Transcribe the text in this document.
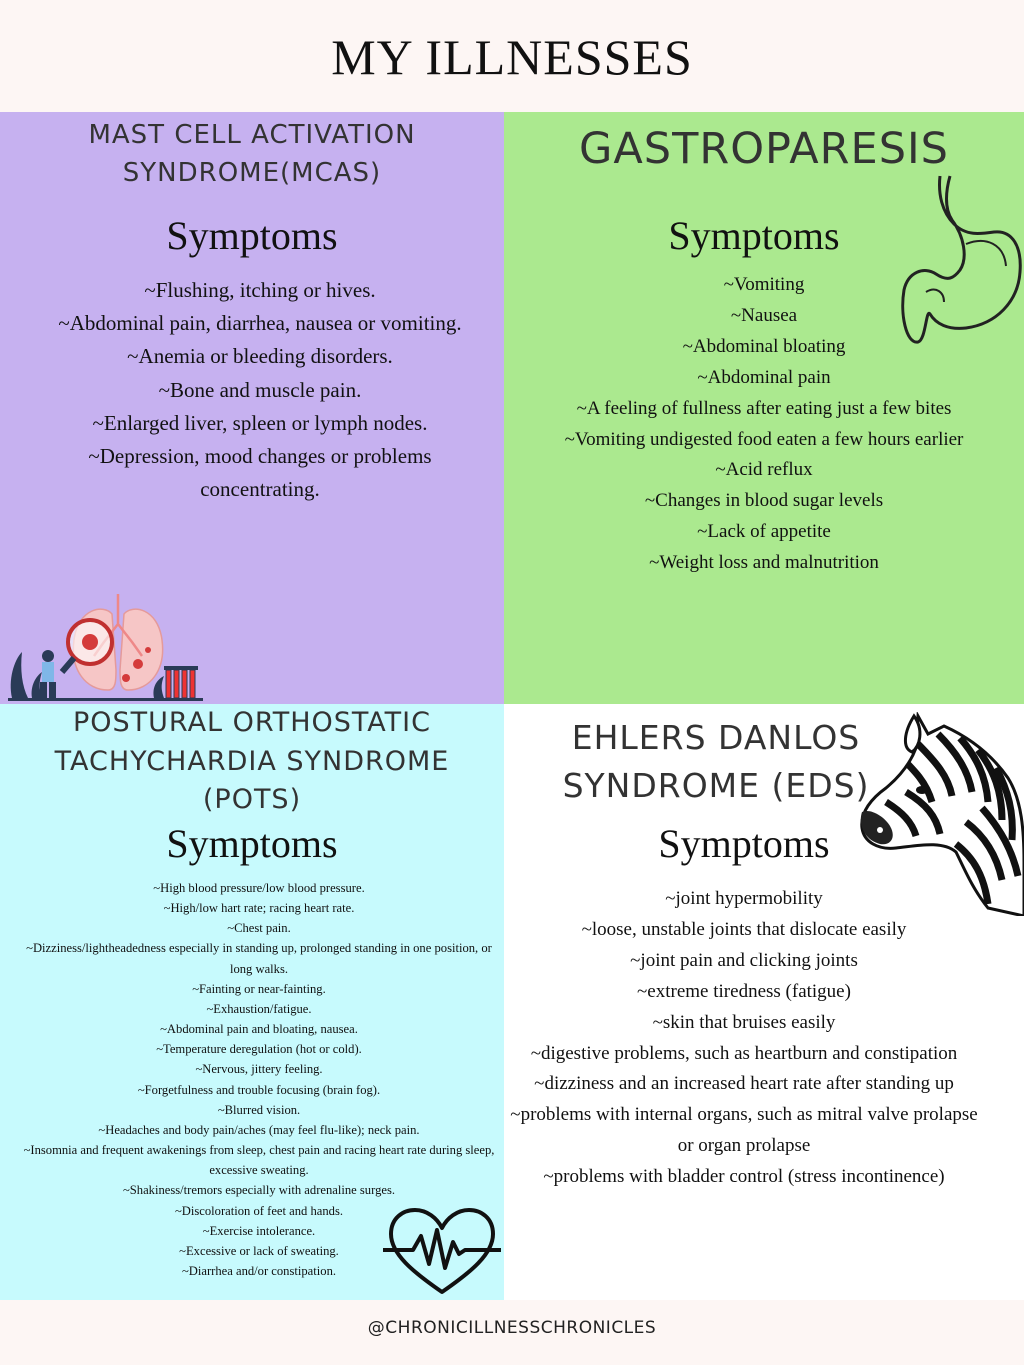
MY ILLNESSES
MAST CELL ACTIVATION
SYNDROME(MCAS)
Symptoms
~Flushing, itching or hives.
~Abdominal pain, diarrhea, nausea or vomiting.
~Anemia or bleeding disorders.
~Bone and muscle pain.
~Enlarged liver, spleen or lymph nodes.
~Depression, mood changes or problems concentrating.
GASTROPARESIS
Symptoms
~Vomiting
~Nausea
~Abdominal bloating
~Abdominal pain
~A feeling of fullness after eating just a few bites
~Vomiting undigested food eaten a few hours earlier
~Acid reflux
~Changes in blood sugar levels
~Lack of appetite
~Weight loss and malnutrition
POSTURAL ORTHOSTATIC
TACHYCHARDIA SYNDROME
(POTS)
Symptoms
~High blood pressure/low blood pressure.
~High/low hart rate; racing heart rate.
~Chest pain.
~Dizziness/lightheadedness especially in standing up, prolonged standing in one position, or long walks.
~Fainting or near-fainting.
~Exhaustion/fatigue.
~Abdominal pain and bloating, nausea.
~Temperature deregulation (hot or cold).
~Nervous, jittery feeling.
~Forgetfulness and trouble focusing (brain fog).
~Blurred vision.
~Headaches and body pain/aches (may feel flu-like); neck pain.
~Insomnia and frequent awakenings from sleep, chest pain and racing heart rate during sleep, excessive sweating.
~Shakiness/tremors especially with adrenaline surges.
~Discoloration of feet and hands.
~Exercise intolerance.
~Excessive or lack of sweating.
~Diarrhea and/or constipation.
EHLERS DANLOS
SYNDROME (EDS)
Symptoms
~joint hypermobility
~loose, unstable joints that dislocate easily
~joint pain and clicking joints
~extreme tiredness (fatigue)
~skin that bruises easily
~digestive problems, such as heartburn and constipation
~dizziness and an increased heart rate after standing up
~problems with internal organs, such as mitral valve prolapse or organ prolapse
~problems with bladder control (stress incontinence)
@CHRONICILLNESSCHRONICLES
